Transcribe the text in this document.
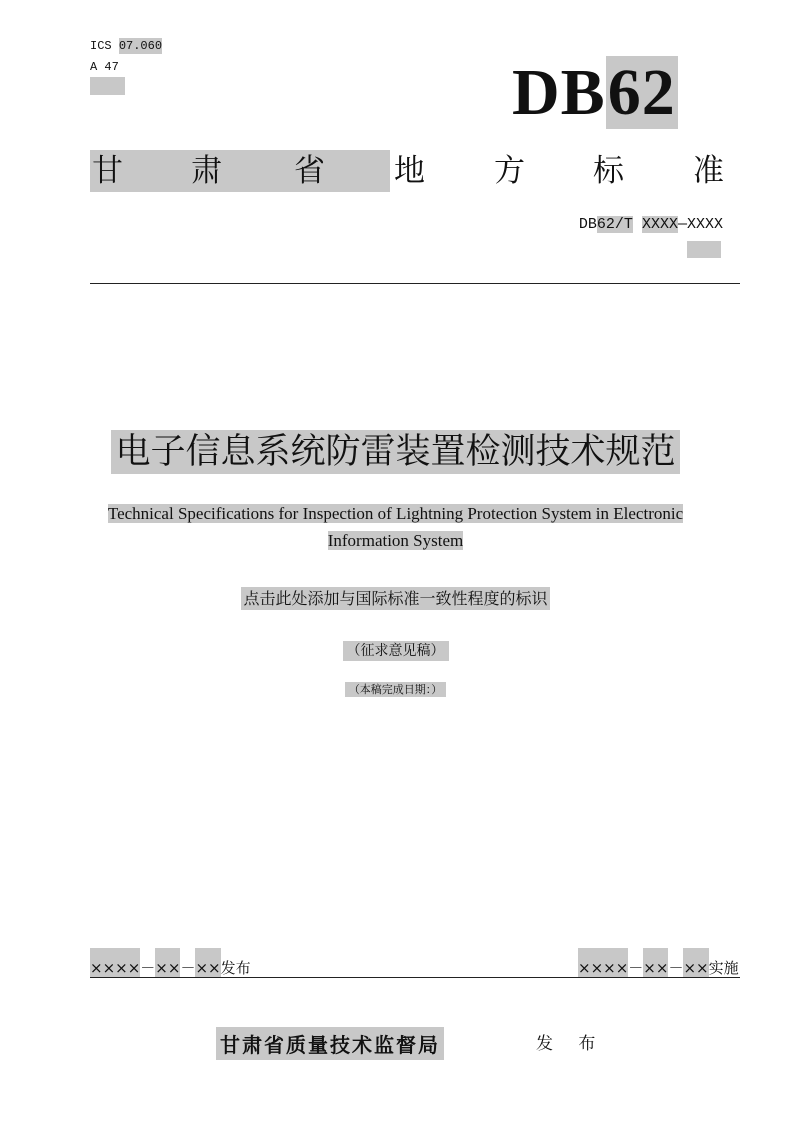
ICS 07.060
A 47	DB62
甘 肃 省 地 方 标 准
DB62/T XXXX—XXXX
电子信息系统防雷装置检测技术规范
Technical Specifications for Inspection of Lightning Protection System in Electronic
Information System
点击此处添加与国际标准一致性程度的标识
（征求意见稿）
（本稿完成日期：）
××××－××－××发布	××××－××－××实施
甘肃省质量技术监督局	发 布
